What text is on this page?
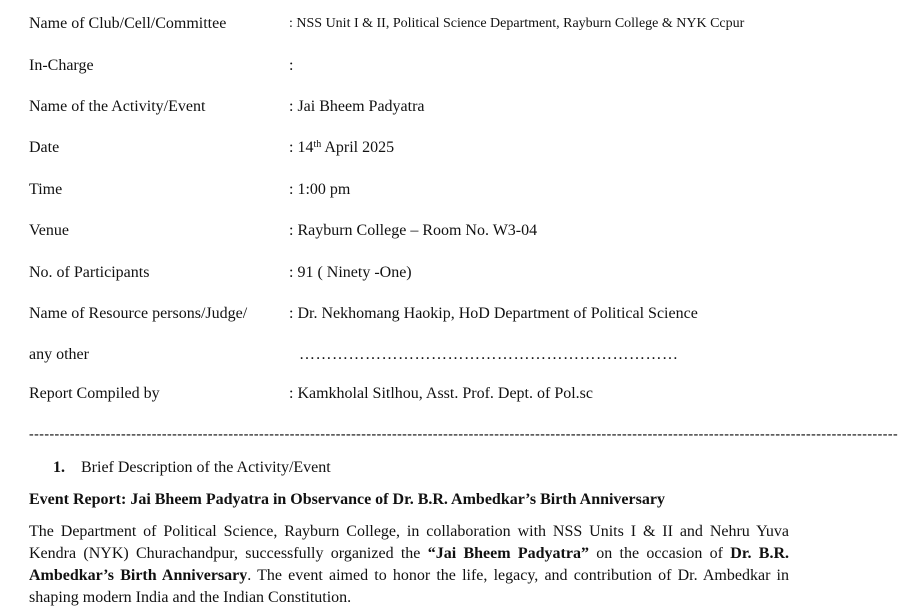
Name of Club/Cell/Committee	: NSS Unit I & II, Political Science Department, Rayburn College & NYK Ccpur
In-Charge	:
Name of the Activity/Event	: Jai Bheem Padyatra
Date	: 14th April 2025
Time	: 1:00 pm
Venue	: Rayburn College – Room No. W3-04
No. of Participants	: 91 ( Ninety -One)
Name of Resource persons/Judge/	: Dr. Nekhomang Haokip, HoD Department of Political Science
any other	……………………………………………………………
Report Compiled by	: Kamkholal Sitlhou, Asst. Prof. Dept. of Pol.sc
--------------------------------------------------------------------------------------------------------------------------------------------------------------------------
1. Brief Description of the Activity/Event
Event Report: Jai Bheem Padyatra in Observance of Dr. B.R. Ambedkar’s Birth Anniversary
The Department of Political Science, Rayburn College, in collaboration with NSS Units I & II and Nehru Yuva Kendra (NYK) Churachandpur, successfully organized the “Jai Bheem Padyatra” on the occasion of Dr. B.R. Ambedkar’s Birth Anniversary. The event aimed to honor the life, legacy, and contribution of Dr. Ambedkar in shaping modern India and the Indian Constitution.
